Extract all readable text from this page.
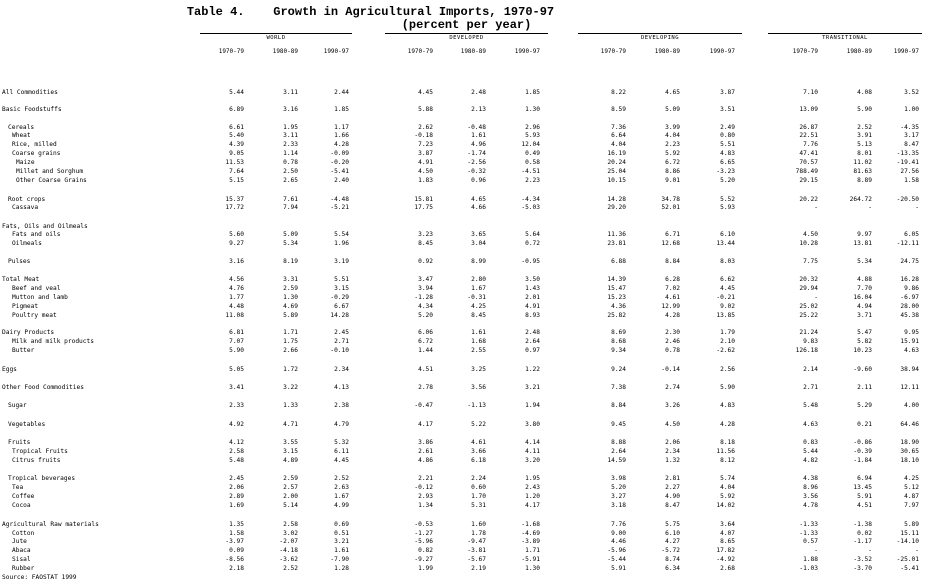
Table 4.    Growth in Agricultural Imports, 1970-97
(percent per year)
WORLD
1970-79	1980-89	1990-97
DEVELOPED
1970-79	1980-89	1990-97
DEVELOPING
1970-79	1980-89	1990-97
TRANSITIONAL
1970-79	1980-89	1990-97
All Commodities	5.44	3.11	2.44	4.45	2.48	1.85	8.22	4.65	3.87	7.10	4.08	3.52
Basic Foodstuffs	6.89	3.16	1.85	5.88	2.13	1.30	8.59	5.09	3.51	13.09	5.90	1.00
Cereals	6.61	1.95	1.17	2.62	-0.48	2.96	7.36	3.99	2.49	26.87	2.52	-4.35
Wheat	5.40	3.11	1.66	-0.18	1.61	5.93	6.64	4.04	0.80	22.51	3.91	3.17
Rice, milled	4.39	2.33	4.28	7.23	4.96	12.04	4.04	2.23	5.51	7.76	5.13	8.47
Coarse grains	9.05	1.14	-0.09	3.87	-1.74	0.49	16.19	5.92	4.83	47.41	8.01	-13.35
Maize	11.53	0.78	-0.20	4.91	-2.56	0.58	20.24	6.72	6.65	70.57	11.02	-19.41
Millet and Sorghum	7.64	2.50	-5.41	4.50	-0.32	-4.51	25.04	8.86	-3.23	788.49	81.63	27.56
Other Coarse Grains	5.15	2.65	2.40	1.83	0.96	2.23	10.15	9.01	5.20	29.15	8.89	1.58
Root crops	15.37	7.61	-4.48	15.81	4.65	-4.34	14.28	34.78	5.52	20.22	264.72	-20.50
Cassava	17.72	7.94	-5.21	17.75	4.66	-5.03	29.20	52.01	5.93	-	-	-
Fats, Oils and Oilmeals
Fats and oils	5.60	5.09	5.54	3.23	3.65	5.64	11.36	6.71	6.10	4.50	9.97	6.05
Oilmeals	9.27	5.34	1.96	8.45	3.04	0.72	23.81	12.68	13.44	10.28	13.81	-12.11
Pulses	3.16	8.19	3.19	0.92	8.99	-0.95	6.88	8.84	8.03	7.75	5.34	24.75
Total Meat	4.56	3.31	5.51	3.47	2.80	3.50	14.39	6.28	6.62	20.32	4.88	16.28
Beef and veal	4.76	2.59	3.15	3.94	1.67	1.43	15.47	7.02	4.45	29.94	7.70	9.86
Mutton and lamb	1.77	1.30	-0.29	-1.28	-0.31	2.01	15.23	4.61	-0.21	-	16.04	-6.97
Pigmeat	4.48	4.69	6.67	4.34	4.25	4.91	4.36	12.99	9.02	25.02	4.94	28.00
Poultry meat	11.08	5.89	14.28	5.20	8.45	8.93	25.82	4.28	13.85	25.22	3.71	45.38
Dairy Products	6.81	1.71	2.45	6.06	1.61	2.48	8.69	2.30	1.79	21.24	5.47	9.95
Milk and milk products	7.07	1.75	2.71	6.72	1.68	2.64	8.68	2.46	2.10	9.83	5.82	15.91
Butter	5.90	2.66	-0.10	1.44	2.55	0.97	9.34	0.78	-2.62	126.18	10.23	4.63
Eggs	5.05	1.72	2.34	4.51	3.25	1.22	9.24	-0.14	2.56	2.14	-9.60	38.94
Other Food Commodities	3.41	3.22	4.13	2.78	3.56	3.21	7.38	2.74	5.90	2.71	2.11	12.11
Sugar	2.33	1.33	2.38	-0.47	-1.13	1.94	8.84	3.26	4.83	5.48	5.29	4.00
Vegetables	4.92	4.71	4.79	4.17	5.22	3.80	9.45	4.50	4.28	4.63	0.21	64.46
Fruits	4.12	3.55	5.32	3.86	4.61	4.14	8.88	2.06	8.18	0.83	-0.86	18.90
Tropical Fruits	2.58	3.15	6.11	2.61	3.66	4.11	2.64	2.34	11.56	5.44	-0.39	30.65
Citrus fruits	5.48	4.89	4.45	4.86	6.18	3.20	14.59	1.32	8.12	4.82	-1.84	18.10
Tropical beverages	2.45	2.59	2.52	2.21	2.24	1.95	3.98	2.81	5.74	4.38	6.94	4.25
Tea	2.06	2.57	2.63	-0.12	0.60	2.43	5.20	2.27	4.04	8.96	13.45	5.12
Coffee	2.89	2.00	1.67	2.93	1.70	1.20	3.27	4.90	5.92	3.56	5.91	4.87
Cocoa	1.69	5.14	4.99	1.34	5.31	4.17	3.18	8.47	14.02	4.78	4.51	7.97
Agricultural Raw materials	1.35	2.58	0.69	-0.53	1.60	-1.68	7.76	5.75	3.64	-1.33	-1.38	5.89
Cotton	1.58	3.02	0.51	-1.27	1.78	-4.69	9.00	6.10	4.07	-1.33	0.02	15.11
Jute	-3.97	-2.07	3.21	-5.96	-9.47	-3.89	4.46	4.27	8.65	0.57	-1.17	-14.10
Abaca	0.09	-4.18	1.61	0.82	-3.81	1.71	-5.96	-5.72	17.82	-	-	-
Sisal	-8.56	-3.62	-7.90	-9.27	-5.67	-5.91	-5.44	8.74	-4.92	1.88	-3.52	-25.01
Rubber	2.18	2.52	1.28	1.99	2.19	1.30	5.91	6.34	2.68	-1.03	-3.70	-5.41
Source: FAOSTAT 1999
